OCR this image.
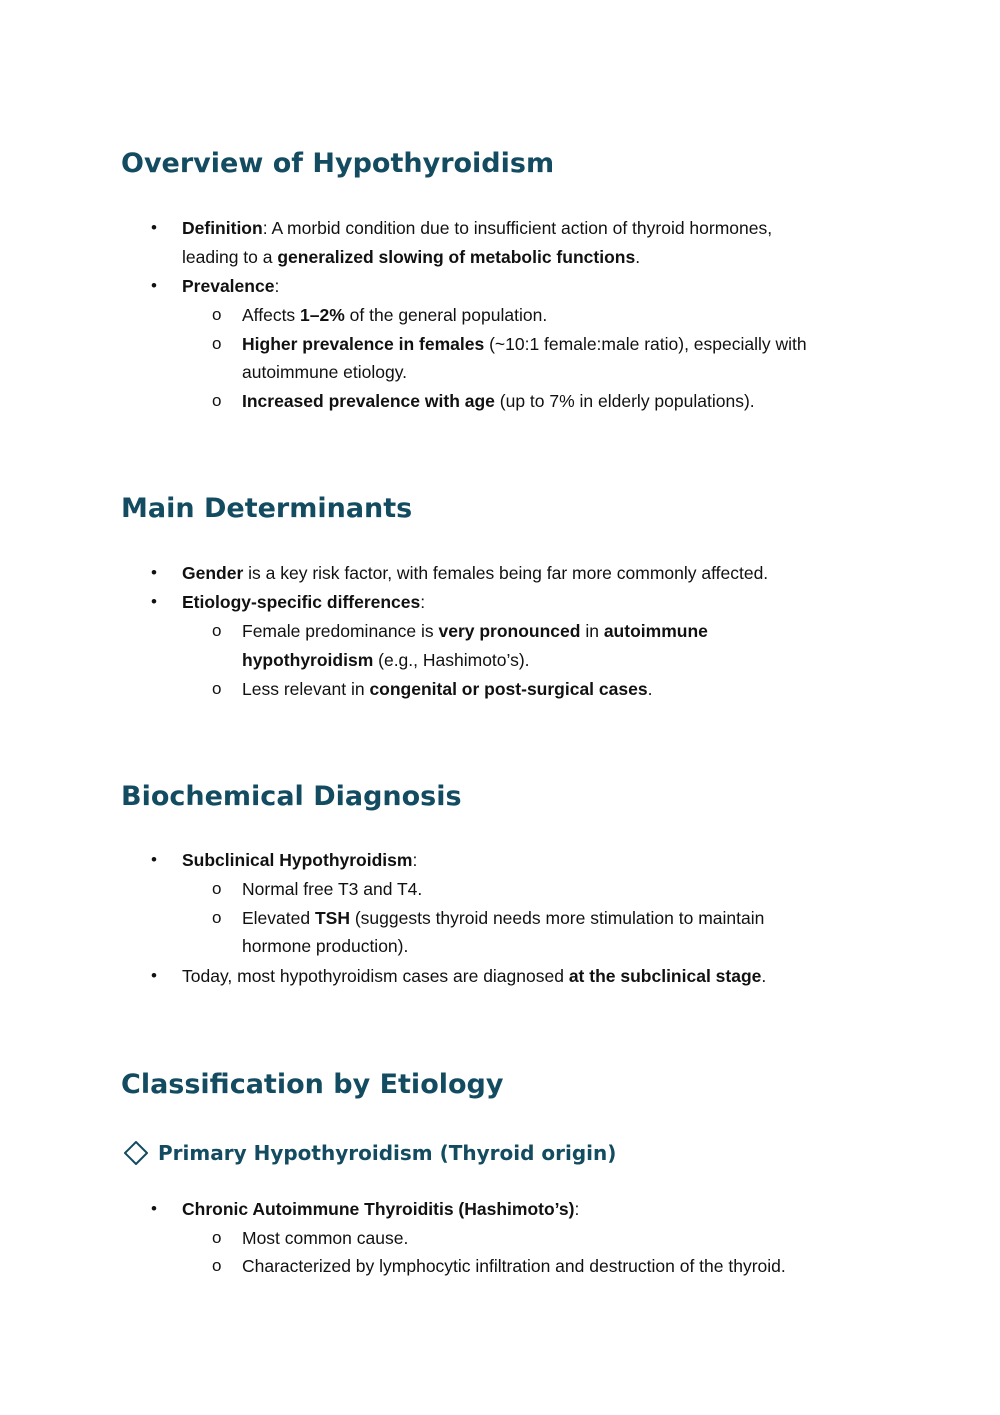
Overview of Hypothyroidism
• Definition: A morbid condition due to insufficient action of thyroid hormones,
leading to a generalized slowing of metabolic functions.
• Prevalence:
o Affects 1–2% of the general population.
o Higher prevalence in females (~10:1 female:male ratio), especially with
autoimmune etiology.
o Increased prevalence with age (up to 7% in elderly populations).
Main Determinants
• Gender is a key risk factor, with females being far more commonly affected.
• Etiology-specific differences:
o Female predominance is very pronounced in autoimmune
hypothyroidism (e.g., Hashimoto’s).
o Less relevant in congenital or post-surgical cases.
Biochemical Diagnosis
• Subclinical Hypothyroidism:
o Normal free T3 and T4.
o Elevated TSH (suggests thyroid needs more stimulation to maintain
hormone production).
• Today, most hypothyroidism cases are diagnosed at the subclinical stage.
Classification by Etiology
Primary Hypothyroidism (Thyroid origin)
• Chronic Autoimmune Thyroiditis (Hashimoto’s):
o Most common cause.
o Characterized by lymphocytic infiltration and destruction of the thyroid.
